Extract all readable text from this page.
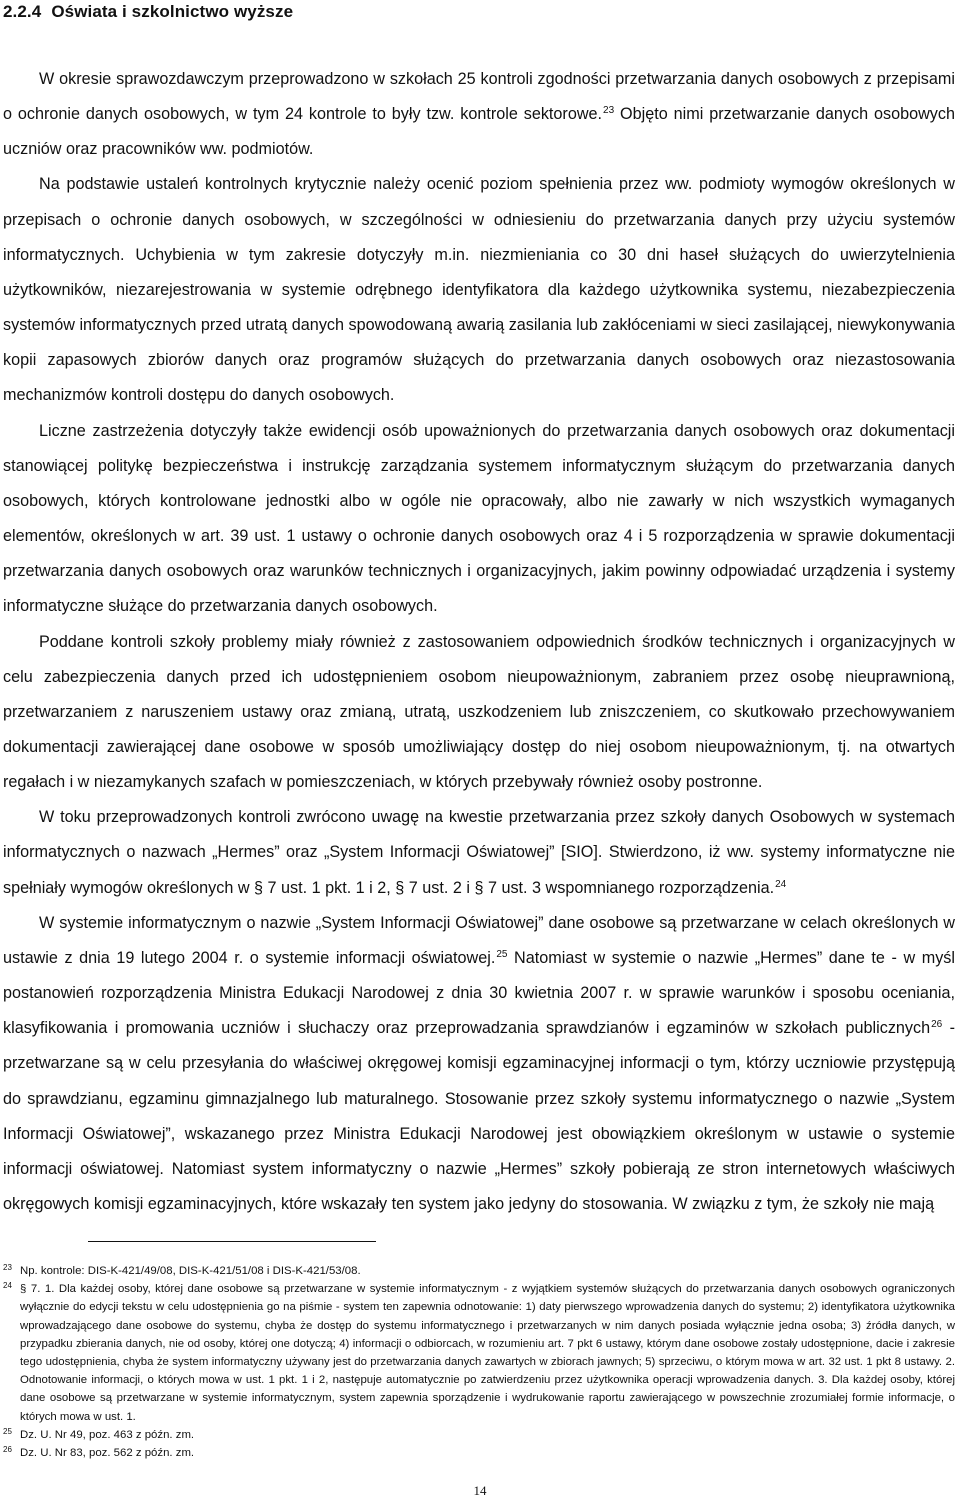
2.2.4 Oświata i szkolnictwo wyższe

W okresie sprawozdawczym przeprowadzono w szkołach 25 kontroli zgodności przetwarzania danych osobowych z przepisami o ochronie danych osobowych, w tym 24 kontrole to były tzw. kontrole sektorowe.$^{23}$ Objęto nimi przetwarzanie danych osobowych uczniów oraz pracowników ww. podmiotów.

Na podstawie ustaleń kontrolnych krytycznie należy ocenić poziom spełnienia przez ww. podmioty wymogów określonych w przepisach o ochronie danych osobowych, w szczególności w odniesieniu do przetwarzania danych przy użyciu systemów informatycznych. Uchybienia w tym zakresie dotyczyły m.in. niezmieniania co 30 dni haseł służących do uwierzytelnienia użytkowników, niezarejestrowania w systemie odrębnego identyfikatora dla każdego użytkownika systemu, niezabezpieczenia systemów informatycznych przed utratą danych spowodowaną awarią zasilania lub zakłóceniami w sieci zasilającej, niewykonywania kopii zapasowych zbiorów danych oraz programów służących do przetwarzania danych osobowych oraz niezastosowania mechanizmów kontroli dostępu do danych osobowych.

Liczne zastrzeżenia dotyczyły także ewidencji osób upoważnionych do przetwarzania danych osobowych oraz dokumentacji stanowiącej politykę bezpieczeństwa i instrukcję zarządzania systemem informatycznym służącym do przetwarzania danych osobowych, których kontrolowane jednostki albo w ogóle nie opracowały, albo nie zawarły w nich wszystkich wymaganych elementów, określonych w art. 39 ust. 1 ustawy o ochronie danych osobowych oraz 4 i 5 rozporządzenia w sprawie dokumentacji przetwarzania danych osobowych oraz warunków technicznych i organizacyjnych, jakim powinny odpowiadać urządzenia i systemy informatyczne służące do przetwarzania danych osobowych.

Poddane kontroli szkoły problemy miały również z zastosowaniem odpowiednich środków technicznych i organizacyjnych w celu zabezpieczenia danych przed ich udostępnieniem osobom nieupoważnionym, zabraniem przez osobę nieuprawnioną, przetwarzaniem z naruszeniem ustawy oraz zmianą, utratą, uszkodzeniem lub zniszczeniem, co skutkowało przechowywaniem dokumentacji zawierającej dane osobowe w sposób umożliwiający dostęp do niej osobom nieupoważnionym, tj. na otwartych regałach i w niezamykanych szafach w pomieszczeniach, w których przebywały również osoby postronne.

W toku przeprowadzonych kontroli zwrócono uwagę na kwestie przetwarzania przez szkoły danych Osobowych w systemach informatycznych o nazwach „Hermes” oraz „System Informacji Oświatowej” [SIO]. Stwierdzono, iż ww. systemy informatyczne nie spełniały wymogów określonych w § 7 ust. 1 pkt. 1 i 2, § 7 ust. 2 i § 7 ust. 3 wspomnianego rozporządzenia.$^{24}$

W systemie informatycznym o nazwie „System Informacji Oświatowej” dane osobowe są przetwarzane w celach określonych w ustawie z dnia 19 lutego 2004 r. o systemie informacji oświatowej.$^{25}$ Natomiast w systemie o nazwie „Hermes” dane te - w myśl postanowień rozporządzenia Ministra Edukacji Narodowej z dnia 30 kwietnia 2007 r. w sprawie warunków i sposobu oceniania, klasyfikowania i promowania uczniów i słuchaczy oraz przeprowadzania sprawdzianów i egzaminów w szkołach publicznych$^{26}$ - przetwarzane są w celu przesyłania do właściwej okręgowej komisji egzaminacyjnej informacji o tym, którzy uczniowie przystępują do sprawdzianu, egzaminu gimnazjalnego lub maturalnego. Stosowanie przez szkoły systemu informatycznego o nazwie „System Informacji Oświatowej”, wskazanego przez Ministra Edukacji Narodowej jest obowiązkiem określonym w ustawie o systemie informacji oświatowej. Natomiast system informatyczny o nazwie „Hermes” szkoły pobierają ze stron internetowych właściwych okręgowych komisji egzaminacyjnych, które wskazały ten system jako jedyny do stosowania. W związku z tym, że szkoły nie mają

23 Np. kontrole: DIS-K-421/49/08, DIS-K-421/51/08 i DIS-K-421/53/08.
24 § 7. 1. Dla każdej osoby, której dane osobowe są przetwarzane w systemie informatycznym - z wyjątkiem systemów służących do przetwarzania danych osobowych ograniczonych wyłącznie do edycji tekstu w celu udostępnienia go na piśmie - system ten zapewnia odnotowanie: 1) daty pierwszego wprowadzenia danych do systemu; 2) identyfikatora użytkownika wprowadzającego dane osobowe do systemu, chyba że dostęp do systemu informatycznego i przetwarzanych w nim danych posiada wyłącznie jedna osoba; 3) źródła danych, w przypadku zbierania danych, nie od osoby, której one dotyczą; 4) informacji o odbiorcach, w rozumieniu art. 7 pkt 6 ustawy, którym dane osobowe zostały udostępnione, dacie i zakresie tego udostępnienia, chyba że system informatyczny używany jest do przetwarzania danych zawartych w zbiorach jawnych; 5) sprzeciwu, o którym mowa w art. 32 ust. 1 pkt 8 ustawy. 2. Odnotowanie informacji, o których mowa w ust. 1 pkt. 1 i 2, następuje automatycznie po zatwierdzeniu przez użytkownika operacji wprowadzenia danych. 3. Dla każdej osoby, której dane osobowe są przetwarzane w systemie informatycznym, system zapewnia sporządzenie i wydrukowanie raportu zawierającego w powszechnie zrozumiałej formie informacje, o których mowa w ust. 1.
25 Dz. U. Nr 49, poz. 463 z późn. zm.
26 Dz. U. Nr 83, poz. 562 z późn. zm.
14
